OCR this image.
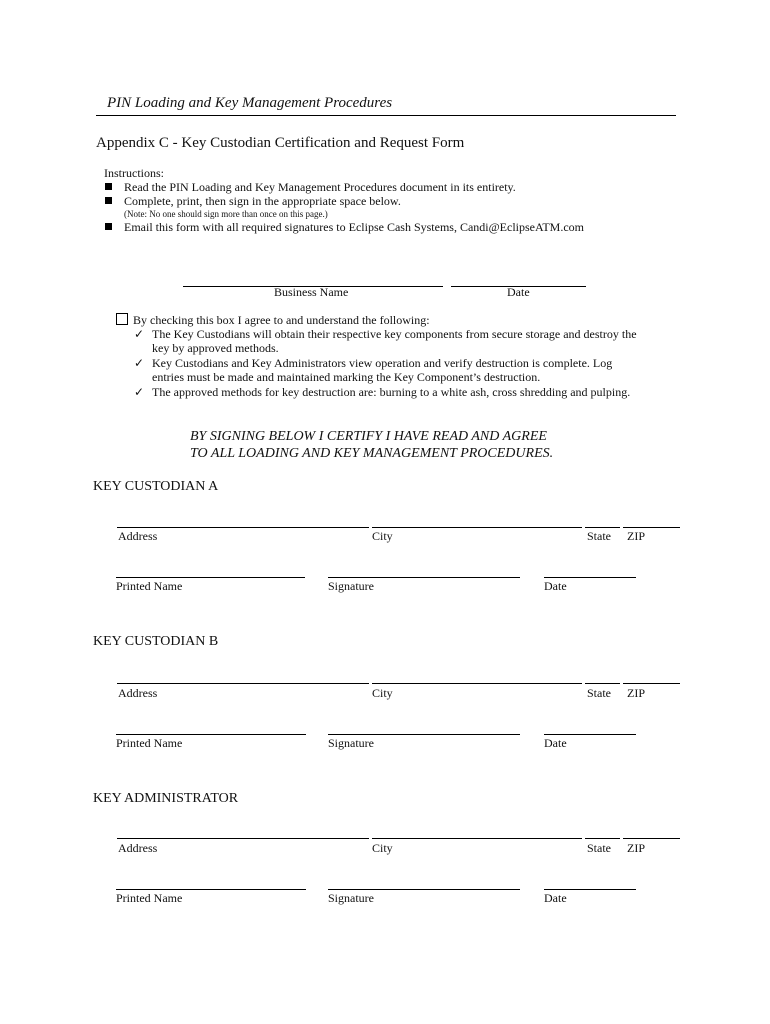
PIN Loading and Key Management Procedures
Appendix C - Key Custodian Certification and Request Form
Instructions:
Read the PIN Loading and Key Management Procedures document in its entirety.
Complete, print, then sign in the appropriate space below.
(Note: No one should sign more than once on this page.)
Email this form with all required signatures to Eclipse Cash Systems, Candi@EclipseATM.com
Business Name	Date
By checking this box I agree to and understand the following:
✓ The Key Custodians will obtain their respective key components from secure storage and destroy the
key by approved methods.
✓ Key Custodians and Key Administrators view operation and verify destruction is complete. Log
entries must be made and maintained marking the Key Component’s destruction.
✓ The approved methods for key destruction are: burning to a white ash, cross shredding and pulping.
BY SIGNING BELOW I CERTIFY I HAVE READ AND AGREE
TO ALL LOADING AND KEY MANAGEMENT PROCEDURES.
KEY CUSTODIAN A
Address	City	State ZIP
Printed Name	Signature	Date
KEY CUSTODIAN B
Address	City	State ZIP
Printed Name	Signature	Date
KEY ADMINISTRATOR
Address	City	State ZIP
Printed Name	Signature	Date
